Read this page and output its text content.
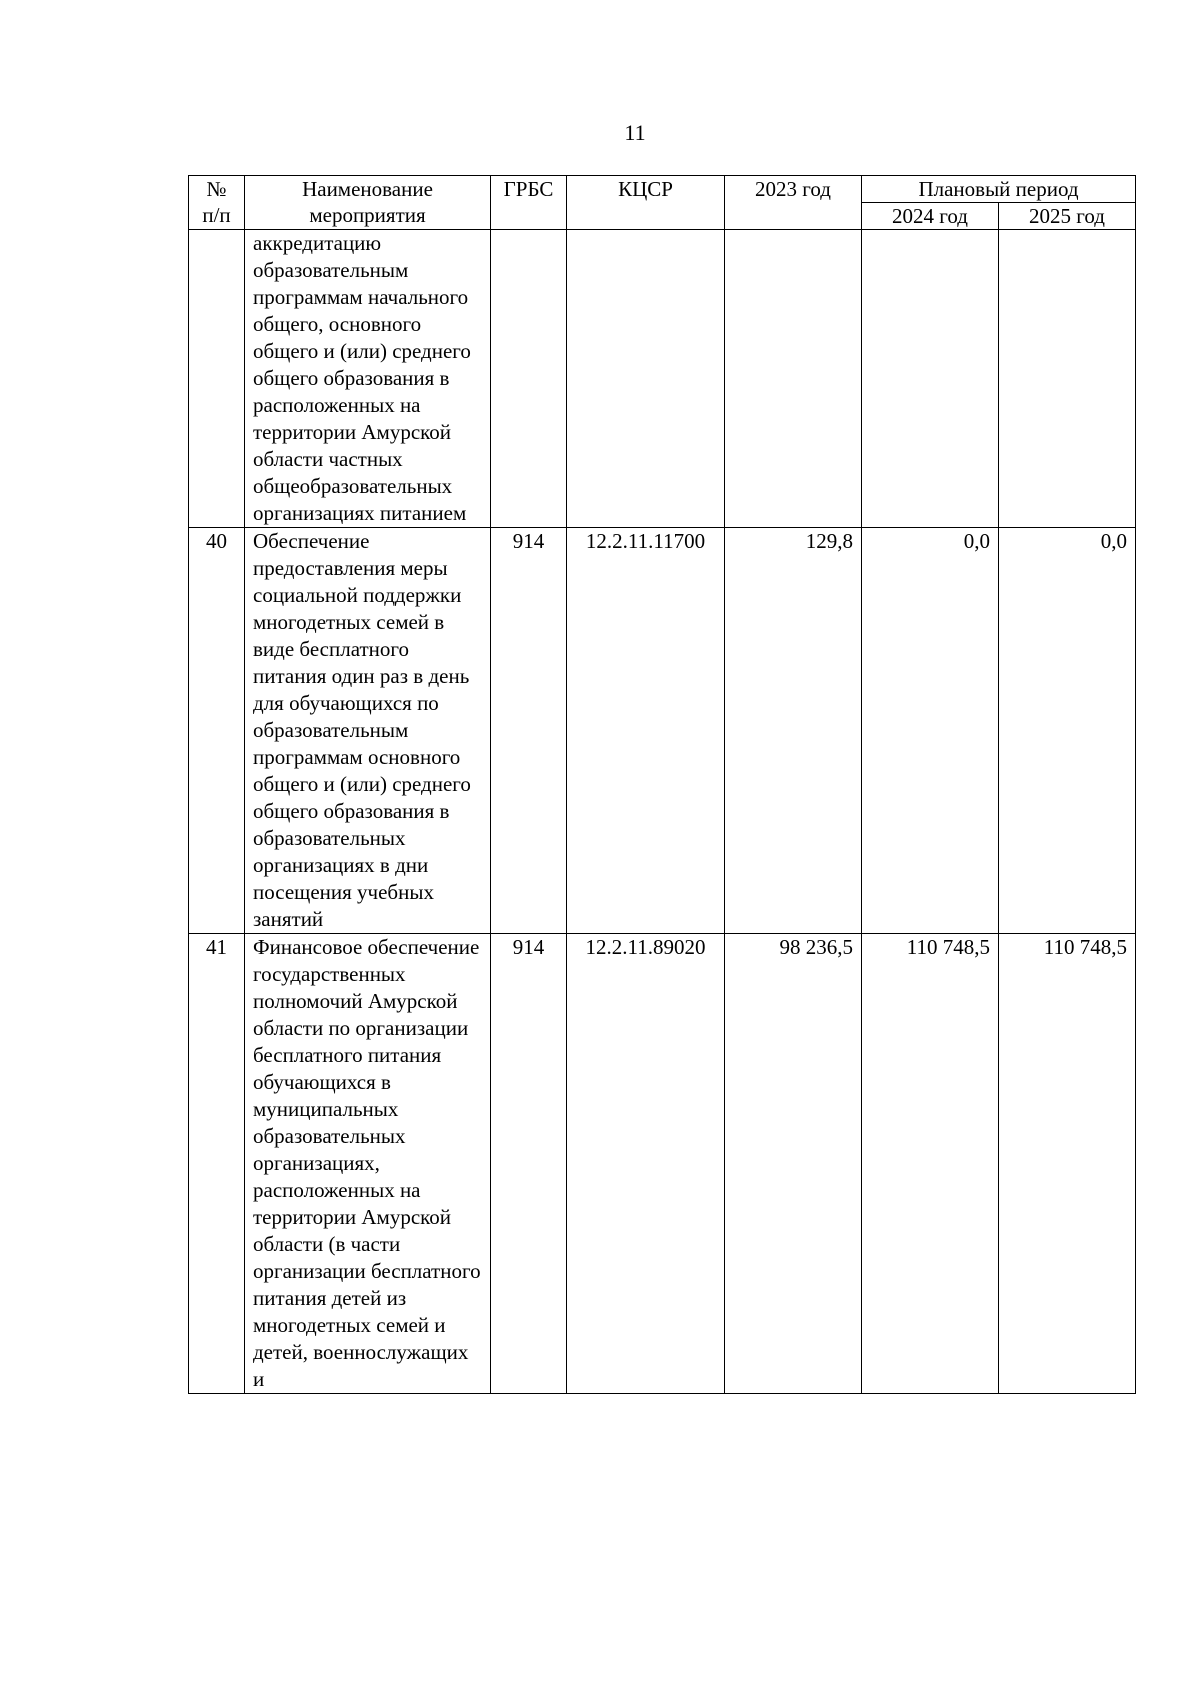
11
№ п/п	Наименование мероприятия	ГРБС	КЦСР	2023 год	Плановый период	
					2024 год	2025 год
	аккредитацию образовательным программам начального общего, основного общего и (или) среднего общего образования в расположенных на территории Амурской области частных общеобразовательных организациях питанием					
40	Обеспечение предоставления меры социальной поддержки многодетных семей в виде бесплатного питания один раз в день для обучающихся по образовательным программам основного общего и (или) среднего общего образования в образовательных организациях в дни посещения учебных занятий	914	12.2.11.11700	129,8	0,0	0,0
41	Финансовое обеспечение государственных полномочий Амурской области по организации бесплатного питания обучающихся в муниципальных образовательных организациях, расположенных на территории Амурской области (в части организации бесплатного питания детей из многодетных семей и детей, военнослужащих и	914	12.2.11.89020	98 236,5	110 748,5	110 748,5
